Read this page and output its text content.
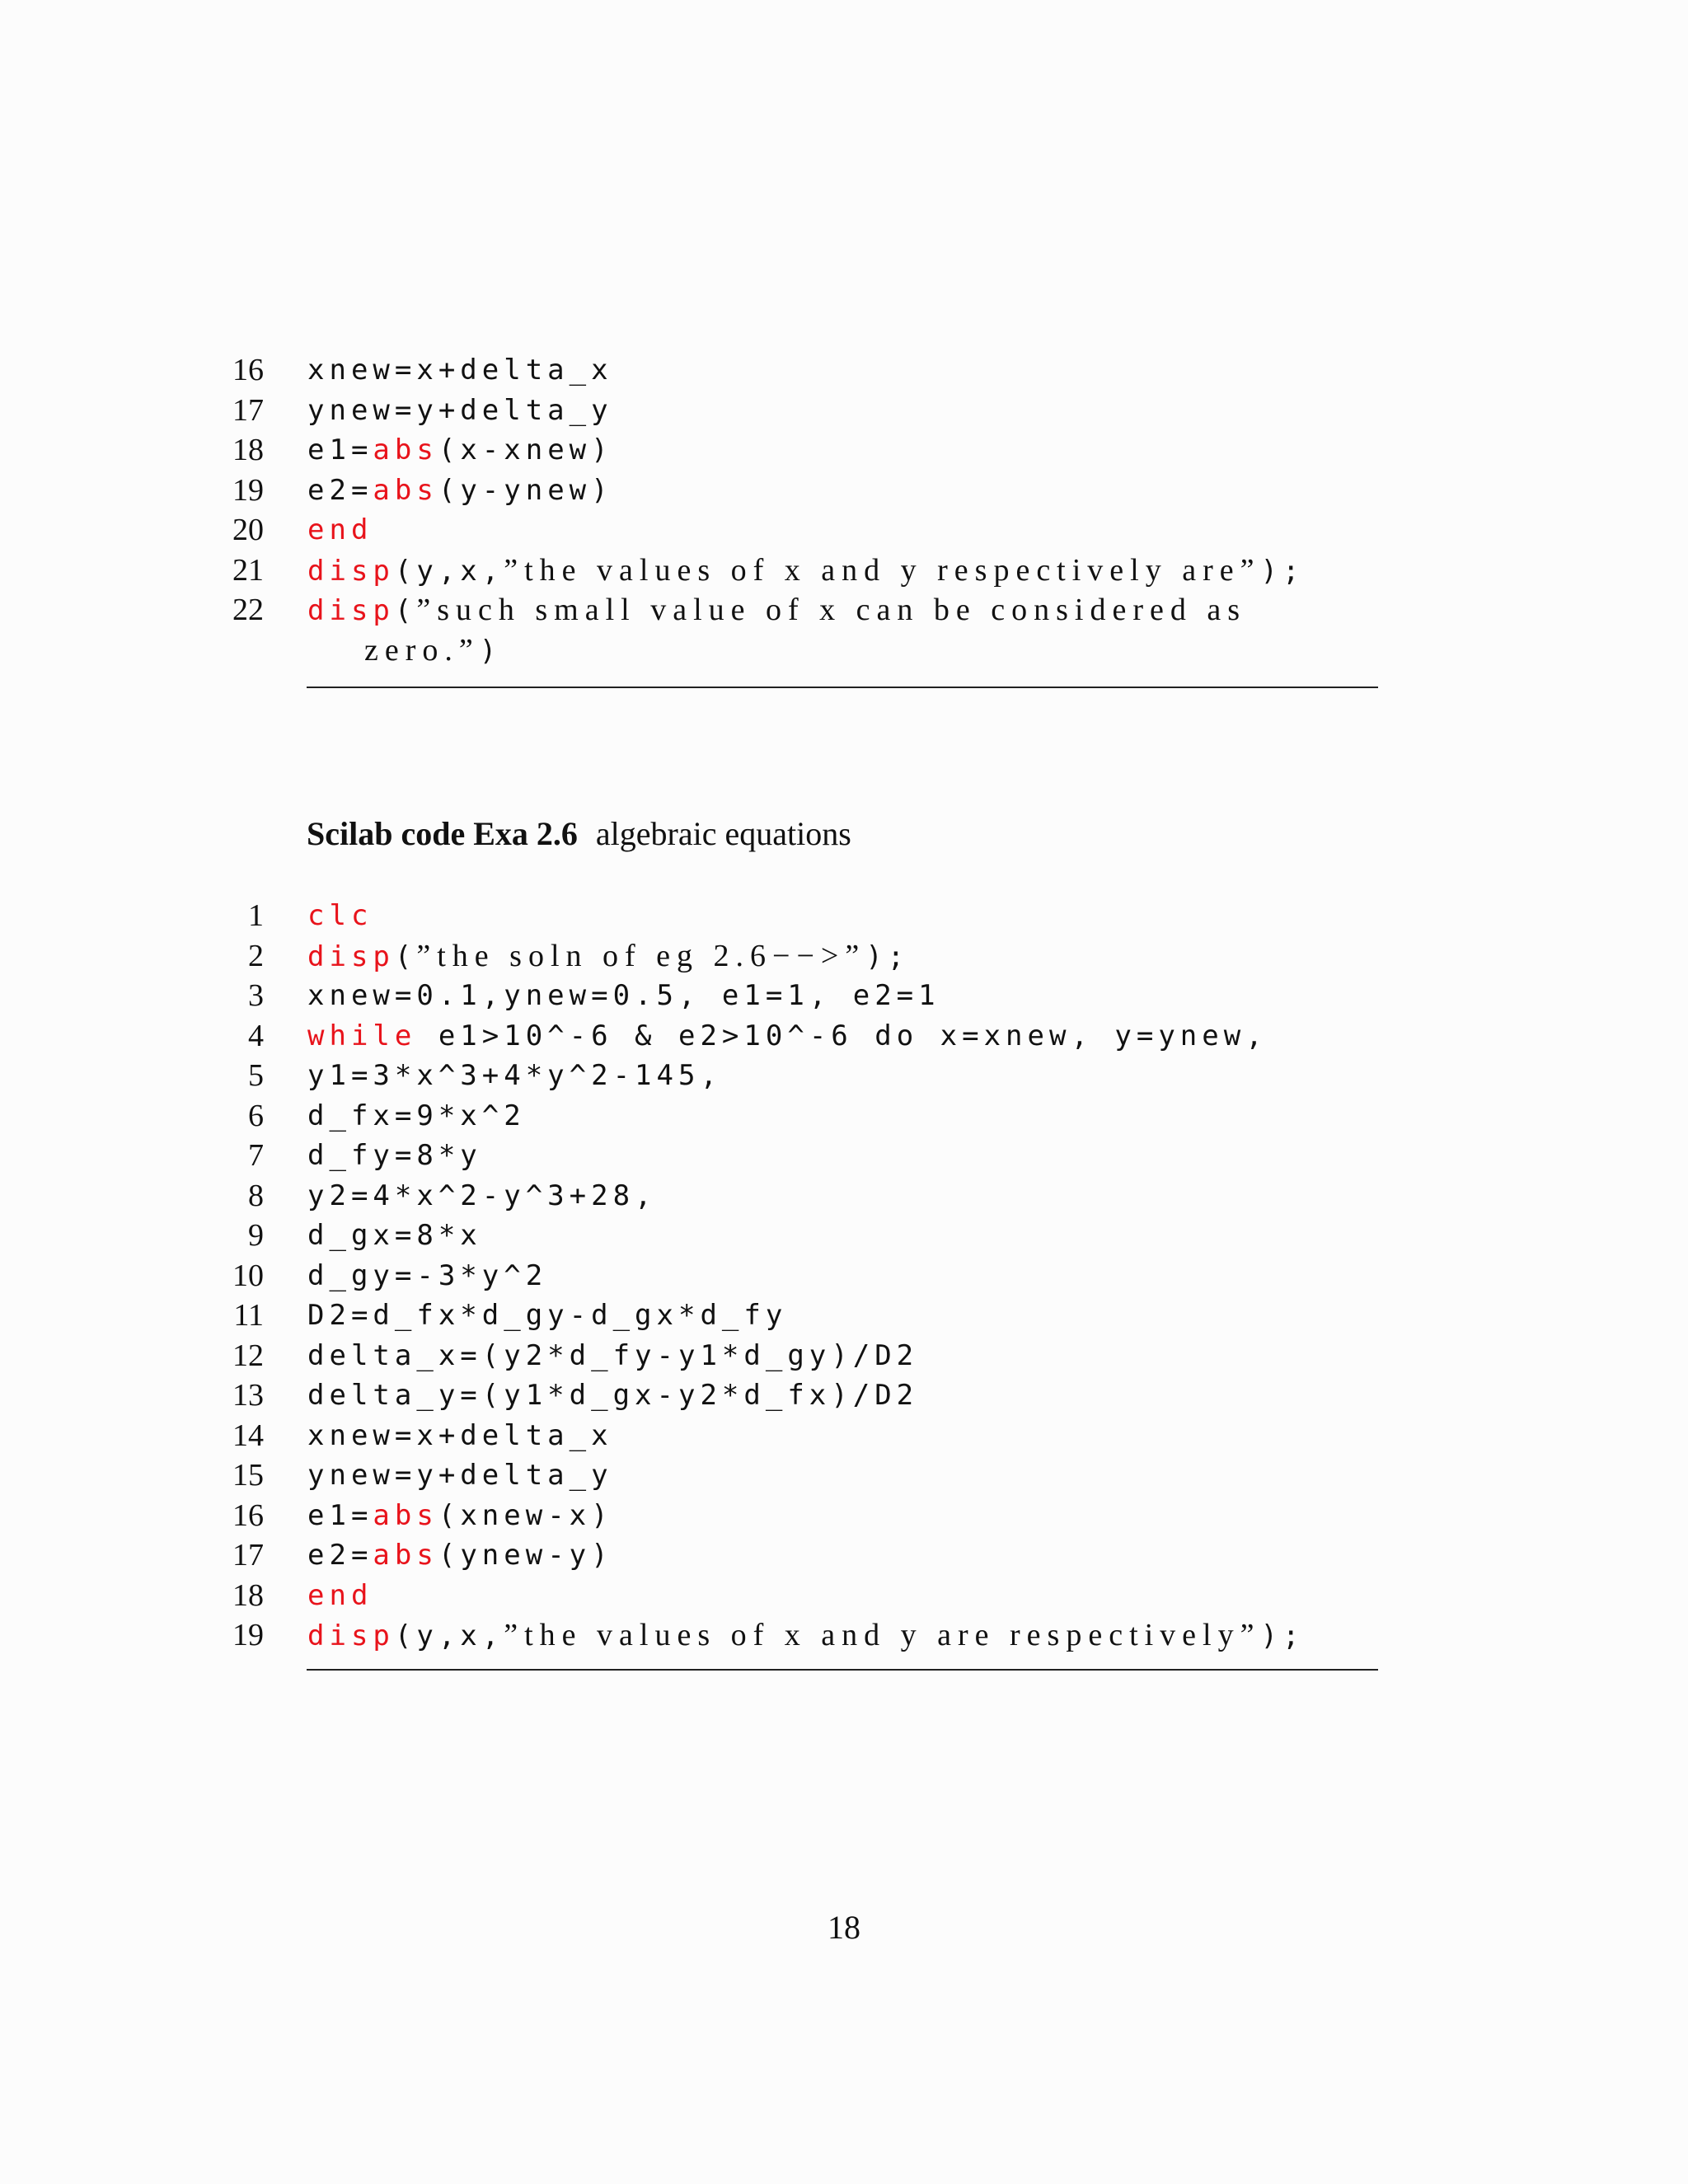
16 xnew=x+delta_x
17 ynew=y+delta_y
18 e1=abs(x-xnew)
19 e2=abs(y-ynew)
20 end
21 disp(y,x,”the values of x and y respectively are”);
22 disp(”such small value of x can be considered as
zero.”)
Scilab code Exa 2.6 algebraic equations
1 clc
2 disp(”the soln of eg 2.6−−>”);
3 xnew=0.1,ynew=0.5, e1=1, e2=1
4 while e1>10^-6 & e2>10^-6 do x=xnew, y=ynew,
5 y1=3*x^3+4*y^2-145,
6 d_fx=9*x^2
7 d_fy=8*y
8 y2=4*x^2-y^3+28,
9 d_gx=8*x
10 d_gy=-3*y^2
11 D2=d_fx*d_gy-d_gx*d_fy
12 delta_x=(y2*d_fy-y1*d_gy)/D2
13 delta_y=(y1*d_gx-y2*d_fx)/D2
14 xnew=x+delta_x
15 ynew=y+delta_y
16 e1=abs(xnew-x)
17 e2=abs(ynew-y)
18 end
19 disp(y,x,”the values of x and y are respectively”);
18
